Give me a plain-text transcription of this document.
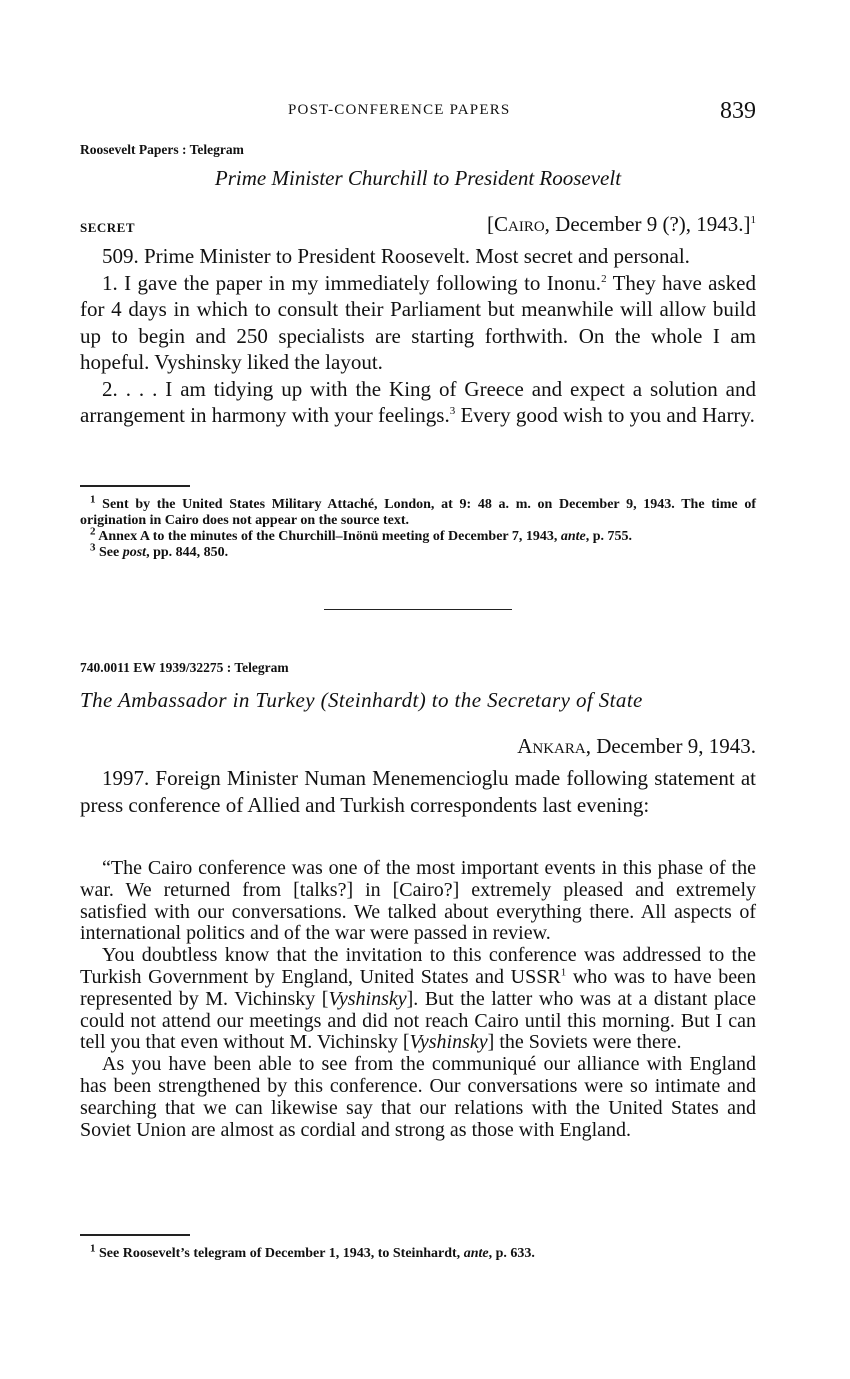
POST-CONFERENCE PAPERS	839
Roosevelt Papers : Telegram
Prime Minister Churchill to President Roosevelt
SECRET	[Cairo, December 9 (?), 1943.]$^1$

509. Prime Minister to President Roosevelt. Most secret and personal.

1. I gave the paper in my immediately following to Inonu.$^2$ They have asked for 4 days in which to consult their Parliament but meanwhile will allow build up to begin and 250 specialists are starting forthwith. On the whole I am hopeful. Vyshinsky liked the layout.

2. . . . I am tidying up with the King of Greece and expect a solution and arrangement in harmony with your feelings.$^3$ Every good wish to you and Harry.

$^1$ Sent by the United States Military Attaché, London, at 9: 48 a. m. on December 9, 1943. The time of origination in Cairo does not appear on the source text.

$^2$ Annex A to the minutes of the Churchill–Inönü meeting of December 7, 1943, ante, p. 755.

$^3$ See post, pp. 844, 850.

740.0011 EW 1939/32275 : Telegram
The Ambassador in Turkey (Steinhardt) to the Secretary of State
Ankara, December 9, 1943.

1997. Foreign Minister Numan Menemencioglu made following statement at press conference of Allied and Turkish correspondents last evening:

“The Cairo conference was one of the most important events in this phase of the war. We returned from [talks?] in [Cairo?] extremely pleased and extremely satisfied with our conversations. We talked about everything there. All aspects of international politics and of the war were passed in review.

You doubtless know that the invitation to this conference was addressed to the Turkish Government by England, United States and USSR$^1$ who was to have been represented by M. Vichinsky [Vyshinsky]. But the latter who was at a distant place could not attend our meetings and did not reach Cairo until this morning. But I can tell you that even without M. Vichinsky [Vyshinsky] the Soviets were there.

As you have been able to see from the communiqué our alliance with England has been strengthened by this conference. Our conversations were so intimate and searching that we can likewise say that our relations with the United States and Soviet Union are almost as cordial and strong as those with England.

$^1$ See Roosevelt’s telegram of December 1, 1943, to Steinhardt, ante, p. 633.
